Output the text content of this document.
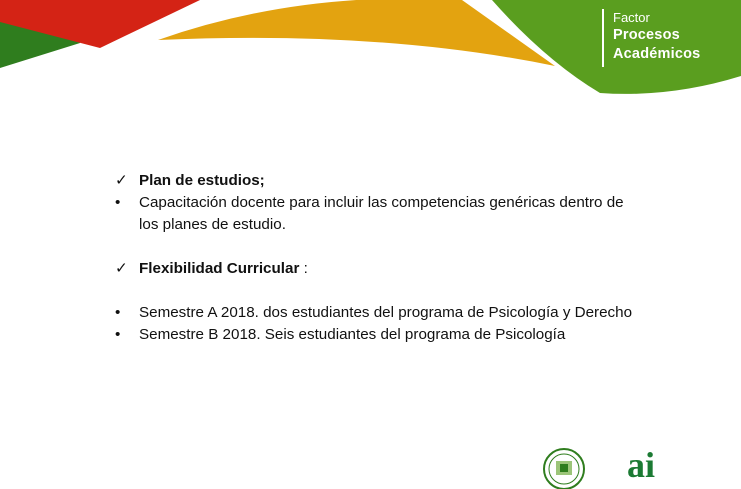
Factor
Procesos
Académicos
✓ Plan de estudios;
•	Capacitación docente para incluir las competencias genéricas dentro de
los planes de estudio.
✓ Flexibilidad Curricular :
•	Semestre A 2018. dos estudiantes del programa de Psicología y Derecho
•	Semestre B 2018. Seis estudiantes del programa de Psicología
ai
